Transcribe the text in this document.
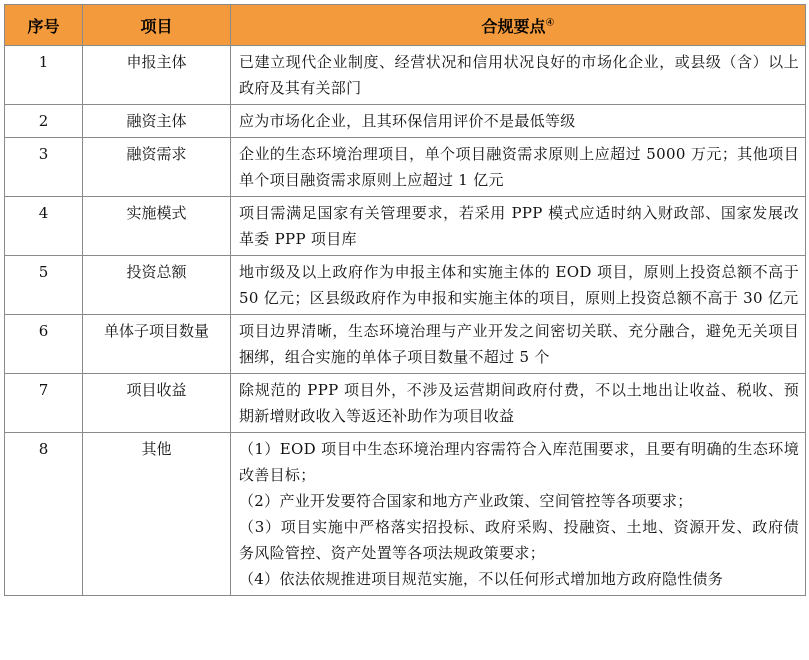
序号	项目	合规要点④
1	申报主体	已建立现代企业制度、经营状况和信用状况良好的市场化企业，或县级（含）以上政府及其有关部门
2	融资主体	应为市场化企业，且其环保信用评价不是最低等级
3	融资需求	企业的生态环境治理项目，单个项目融资需求原则上应超过 5000 万元；其他项目单个项目融资需求原则上应超过 1 亿元
4	实施模式	项目需满足国家有关管理要求，若采用 PPP 模式应适时纳入财政部、国家发展改革委 PPP 项目库
5	投资总额	地市级及以上政府作为申报主体和实施主体的 EOD 项目，原则上投资总额不高于 50 亿元；区县级政府作为申报和实施主体的项目，原则上投资总额不高于 30 亿元
6	单体子项目数量	项目边界清晰，生态环境治理与产业开发之间密切关联、充分融合，避免无关项目捆绑，组合实施的单体子项目数量不超过 5 个
7	项目收益	除规范的 PPP 项目外，不涉及运营期间政府付费，不以土地出让收益、税收、预期新增财政收入等返还补助作为项目收益
8	其他	（1）EOD 项目中生态环境治理内容需符合入库范围要求，且要有明确的生态环境改善目标；
（2）产业开发要符合国家和地方产业政策、空间管控等各项要求；
（3）项目实施中严格落实招投标、政府采购、投融资、土地、资源开发、政府债务风险管控、资产处置等各项法规政策要求；
（4）依法依规推进项目规范实施，不以任何形式增加地方政府隐性债务
